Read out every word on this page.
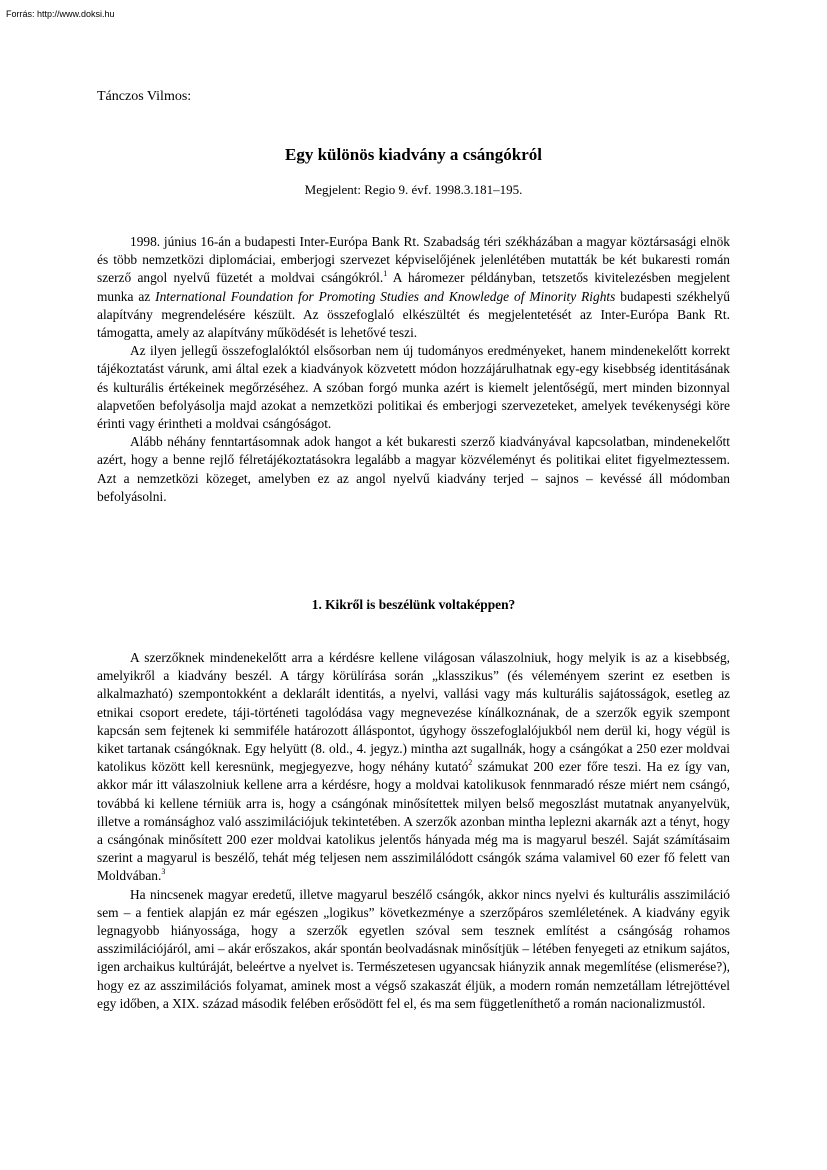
Forrás: http://www.doksi.hu
Tánczos Vilmos:
Egy különös kiadvány a csángókról
Megjelent: Regio 9. évf. 1998.3.181–195.

1998. június 16-án a budapesti Inter-Európa Bank Rt. Szabadság téri székházában a magyar köztársasági elnök és több nemzetközi diplomáciai, emberjogi szervezet képviselőjének jelenlétében mutatták be két bukaresti román szerző angol nyelvű füzetét a moldvai csángókról.$^1$ A háromezer példányban, tetszetős kivitelezésben megjelent munka az International Foundation for Promoting Studies and Knowledge of Minority Rights budapesti székhelyű alapítvány megrendelésére készült. Az összefoglaló elkészültét és megjelentetését az Inter-Európa Bank Rt. támogatta, amely az alapítvány működését is lehetővé teszi.

Az ilyen jellegű összefoglalóktól elsősorban nem új tudományos eredményeket, hanem mindenekelőtt korrekt tájékoztatást várunk, ami által ezek a kiadványok közvetett módon hozzájárulhatnak egy-egy kisebbség identitásának és kulturális értékeinek megőrzéséhez. A szóban forgó munka azért is kiemelt jelentőségű, mert minden bizonnyal alapvetően befolyásolja majd azokat a nemzetközi politikai és emberjogi szervezeteket, amelyek tevékenységi köre érinti vagy érintheti a moldvai csángóságot.

Alább néhány fenntartásomnak adok hangot a két bukaresti szerző kiadványával kapcsolatban, mindenekelőtt azért, hogy a benne rejlő félretájékoztatásokra legalább a magyar közvéleményt és politikai elitet figyelmeztessem. Azt a nemzetközi közeget, amelyben ez az angol nyelvű kiadvány terjed – sajnos – kevéssé áll módomban befolyásolni.

1. Kikről is beszélünk voltaképpen?

A szerzőknek mindenekelőtt arra a kérdésre kellene világosan válaszolniuk, hogy melyik is az a kisebbség, amelyikről a kiadvány beszél. A tárgy körülírása során „klasszikus” (és véleményem szerint ez esetben is alkalmazható) szempontokként a deklarált identitás, a nyelvi, vallási vagy más kulturális sajátosságok, esetleg az etnikai csoport eredete, táji-történeti tagolódása vagy megnevezése kínálkoznának, de a szerzők egyik szempont kapcsán sem fejtenek ki semmiféle határozott álláspontot, úgyhogy összefoglalójukból nem derül ki, hogy végül is kiket tartanak csángóknak. Egy helyütt (8. old., 4. jegyz.) mintha azt sugallnák, hogy a csángókat a 250 ezer moldvai katolikus között kell keresnünk, megjegyezve, hogy néhány kutató$^2$ számukat 200 ezer főre teszi. Ha ez így van, akkor már itt válaszolniuk kellene arra a kérdésre, hogy a moldvai katolikusok fennmaradó része miért nem csángó, továbbá ki kellene térniük arra is, hogy a csángónak minősítettek milyen belső megoszlást mutatnak anyanyelvük, illetve a románsághoz való asszimilációjuk tekintetében. A szerzők azonban mintha leplezni akarnák azt a tényt, hogy a csángónak minősített 200 ezer moldvai katolikus jelentős hányada még ma is magyarul beszél. Saját számításaim szerint a magyarul is beszélő, tehát még teljesen nem asszimilálódott csángók száma valamivel 60 ezer fő felett van Moldvában.$^3$

Ha nincsenek magyar eredetű, illetve magyarul beszélő csángók, akkor nincs nyelvi és kulturális asszimiláció sem – a fentiek alapján ez már egészen „logikus” következménye a szerzőpáros szemléletének. A kiadvány egyik legnagyobb hiányossága, hogy a szerzők egyetlen szóval sem tesznek említést a csángóság rohamos asszimilációjáról, ami – akár erőszakos, akár spontán beolvadásnak minősítjük – létében fenyegeti az etnikum sajátos, igen archaikus kultúráját, beleértve a nyelvet is. Természetesen ugyancsak hiányzik annak megemlítése (elismerése?), hogy ez az asszimilációs folyamat, aminek most a végső szakaszát éljük, a modern román nemzetállam létrejöttével egy időben, a XIX. század második felében erősödött fel el, és ma sem függetleníthető a román nacionalizmustól.
